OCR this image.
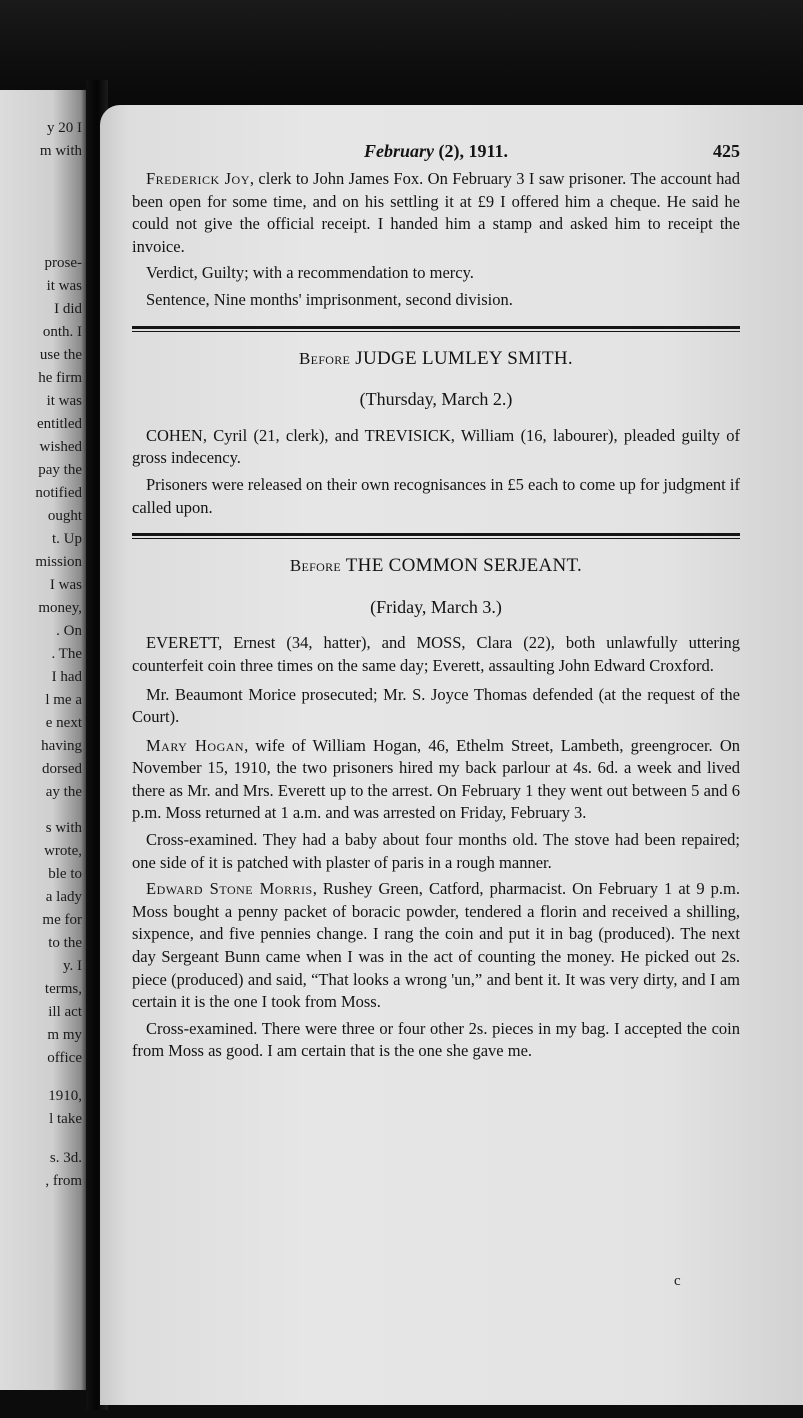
y 20 I
m with
prose-
it was
I did
onth. I
use the
he firm
it was
entitled
wished
pay the
notified
ought
t. Up
mission
I was
money,
. On
. The
I had
l me a
e next
having
dorsed
ay the
s with
wrote,
ble to
a lady
me for
to the
y. I
terms,
ill act
m my
office
1910,
l take
s. 3d.
, from
February (2), 1911.	425

Frederick Joy, clerk to John James Fox. On February 3 I saw prisoner. The account had been open for some time, and on his settling it at £9 I offered him a cheque. He said he could not give the official receipt. I handed him a stamp and asked him to receipt the invoice.

Verdict, Guilty; with a recommendation to mercy.

Sentence, Nine months' imprisonment, second division.

Before JUDGE LUMLEY SMITH.
(Thursday, March 2.)

COHEN, Cyril (21, clerk), and TREVISICK, William (16, labourer), pleaded guilty of gross indecency.

Prisoners were released on their own recognisances in £5 each to come up for judgment if called upon.

Before THE COMMON SERJEANT.
(Friday, March 3.)

EVERETT, Ernest (34, hatter), and MOSS, Clara (22), both unlawfully uttering counterfeit coin three times on the same day; Everett, assaulting John Edward Croxford.

Mr. Beaumont Morice prosecuted; Mr. S. Joyce Thomas defended (at the request of the Court).

Mary Hogan, wife of William Hogan, 46, Ethelm Street, Lambeth, greengrocer. On November 15, 1910, the two prisoners hired my back parlour at 4s. 6d. a week and lived there as Mr. and Mrs. Everett up to the arrest. On February 1 they went out between 5 and 6 p.m. Moss returned at 1 a.m. and was arrested on Friday, February 3.

Cross-examined. They had a baby about four months old. The stove had been repaired; one side of it is patched with plaster of paris in a rough manner.

Edward Stone Morris, Rushey Green, Catford, pharmacist. On February 1 at 9 p.m. Moss bought a penny packet of boracic powder, tendered a florin and received a shilling, sixpence, and five pennies change. I rang the coin and put it in bag (produced). The next day Sergeant Bunn came when I was in the act of counting the money. He picked out 2s. piece (produced) and said, “That looks a wrong 'un,” and bent it. It was very dirty, and I am certain it is the one I took from Moss.

Cross-examined. There were three or four other 2s. pieces in my bag. I accepted the coin from Moss as good. I am certain that is the one she gave me.

c
